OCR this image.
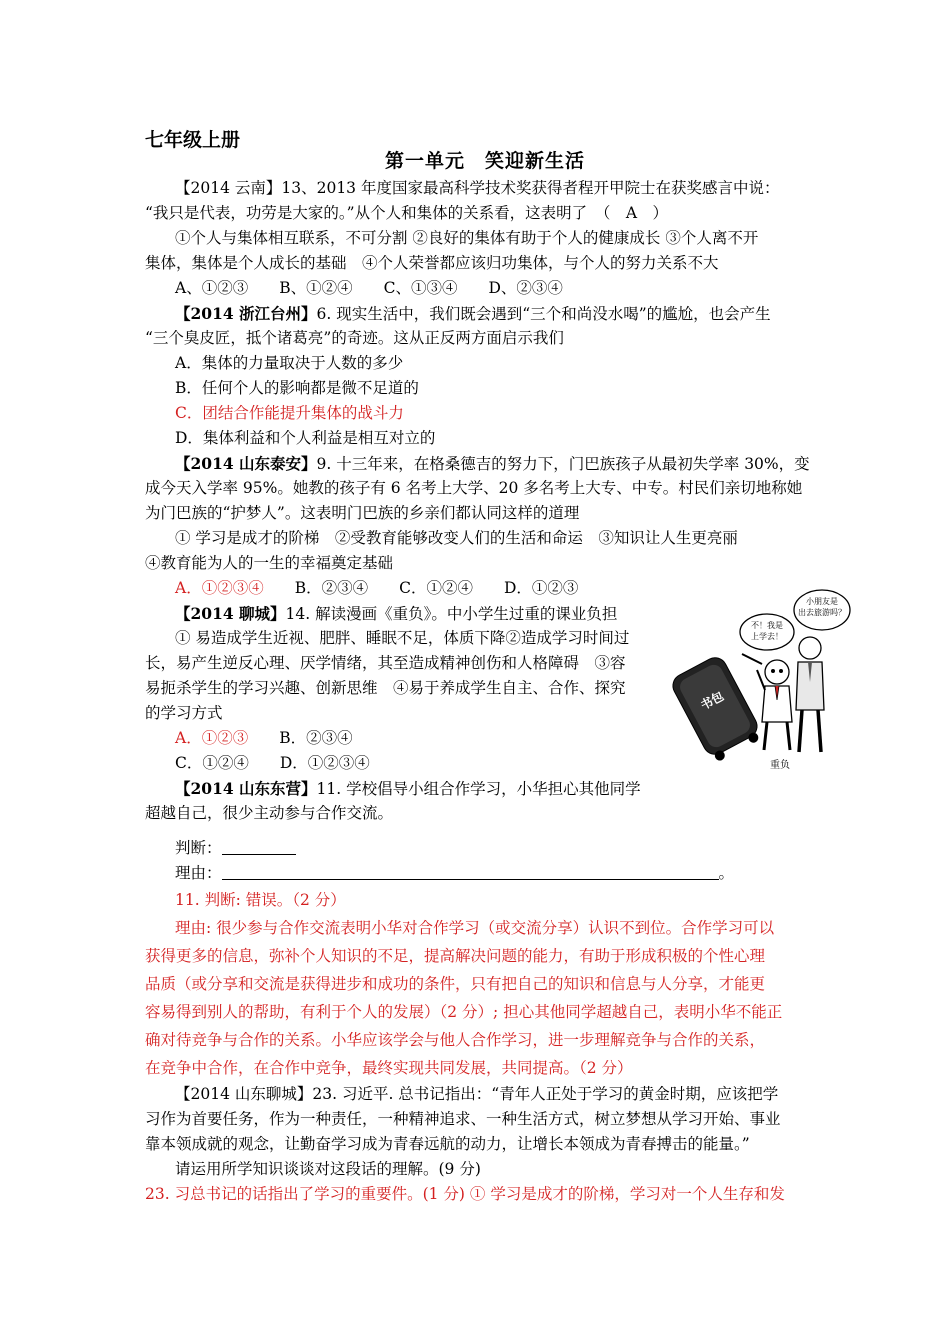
七年级上册
第一单元　笑迎新生活
【2014 云南】13、2013 年度国家最高科学技术奖获得者程开甲院士在获奖感言中说：
“我只是代表，功劳是大家的。”从个人和集体的关系看，这表明了　（　A　）
①个人与集体相互联系，不可分割 ②良好的集体有助于个人的健康成长 ③个人离不开
集体，集体是个人成长的基础　④个人荣誉都应该归功集体，与个人的努力关系不大
A、①②③　　B、①②④　　C、①③④　　D、②③④
【2014 浙江台州】6. 现实生活中，我们既会遇到“三个和尚没水喝”的尴尬，也会产生
“三个臭皮匠，抵个诸葛亮”的奇迹。这从正反两方面启示我们
A．集体的力量取决于人数的多少
B．任何个人的影响都是微不足道的
C．团结合作能提升集体的战斗力
D．集体利益和个人利益是相互对立的
【2014 山东泰安】9. 十三年来，在格桑德吉的努力下，门巴族孩子从最初失学率 30%，变
成今天入学率 95%。她教的孩子有 6 名考上大学、20 多名考上大专、中专。村民们亲切地称她
为门巴族的“护梦人”。这表明门巴族的乡亲们都认同这样的道理
① 学习是成才的阶梯　②受教育能够改变人们的生活和命运　③知识让人生更亮丽
④教育能为人的一生的幸福奠定基础
A．①②③④　　B．②③④　　C．①②④　　D．①②③
【2014 聊城】14. 解读漫画《重负》。中小学生过重的课业负担
① 易造成学生近视、肥胖、睡眠不足，体质下降②造成学习时间过
长，易产生逆反心理、厌学情绪，其至造成精神创伤和人格障碍　③容
易扼杀学生的学习兴趣、创新思维　④易于养成学生自主、合作、探究
的学习方式
A．①②③　　B．②③④
C．①②④　　D．①②③④
不！我是
上学去！
小朋友是
出去旅游吗？
书包
重负
【2014 山东东营】11. 学校倡导小组合作学习，小华担心其他同学
超越自己，很少主动参与合作交流。
判断：
理由：	。
11. 判断: 错误。（2 分）
理由: 很少参与合作交流表明小华对合作学习（或交流分享）认识不到位。合作学习可以
获得更多的信息，弥补个人知识的不足，提高解决问题的能力，有助于形成积极的个性心理
品质（或分享和交流是获得进步和成功的条件，只有把自己的知识和信息与人分享，才能更
容易得到别人的帮助，有利于个人的发展）（2 分）; 担心其他同学超越自己，表明小华不能正
确对待竞争与合作的关系。小华应该学会与他人合作学习，进一步理解竞争与合作的关系，
在竞争中合作，在合作中竞争，最终实现共同发展，共同提高。（2 分）
【2014 山东聊城】23. 习近平. 总书记指出：“青年人正处于学习的黄金时期，应该把学
习作为首要任务，作为一种责任，一种精神追求、一种生活方式，树立梦想从学习开始、事业
靠本领成就的观念，让勤奋学习成为青春远航的动力，让增长本领成为青春搏击的能量。”
请运用所学知识谈谈对这段话的理解。(9 分)
23. 习总书记的话指出了学习的重要件。(1 分) ① 学习是成才的阶梯，学习对一个人生存和发
